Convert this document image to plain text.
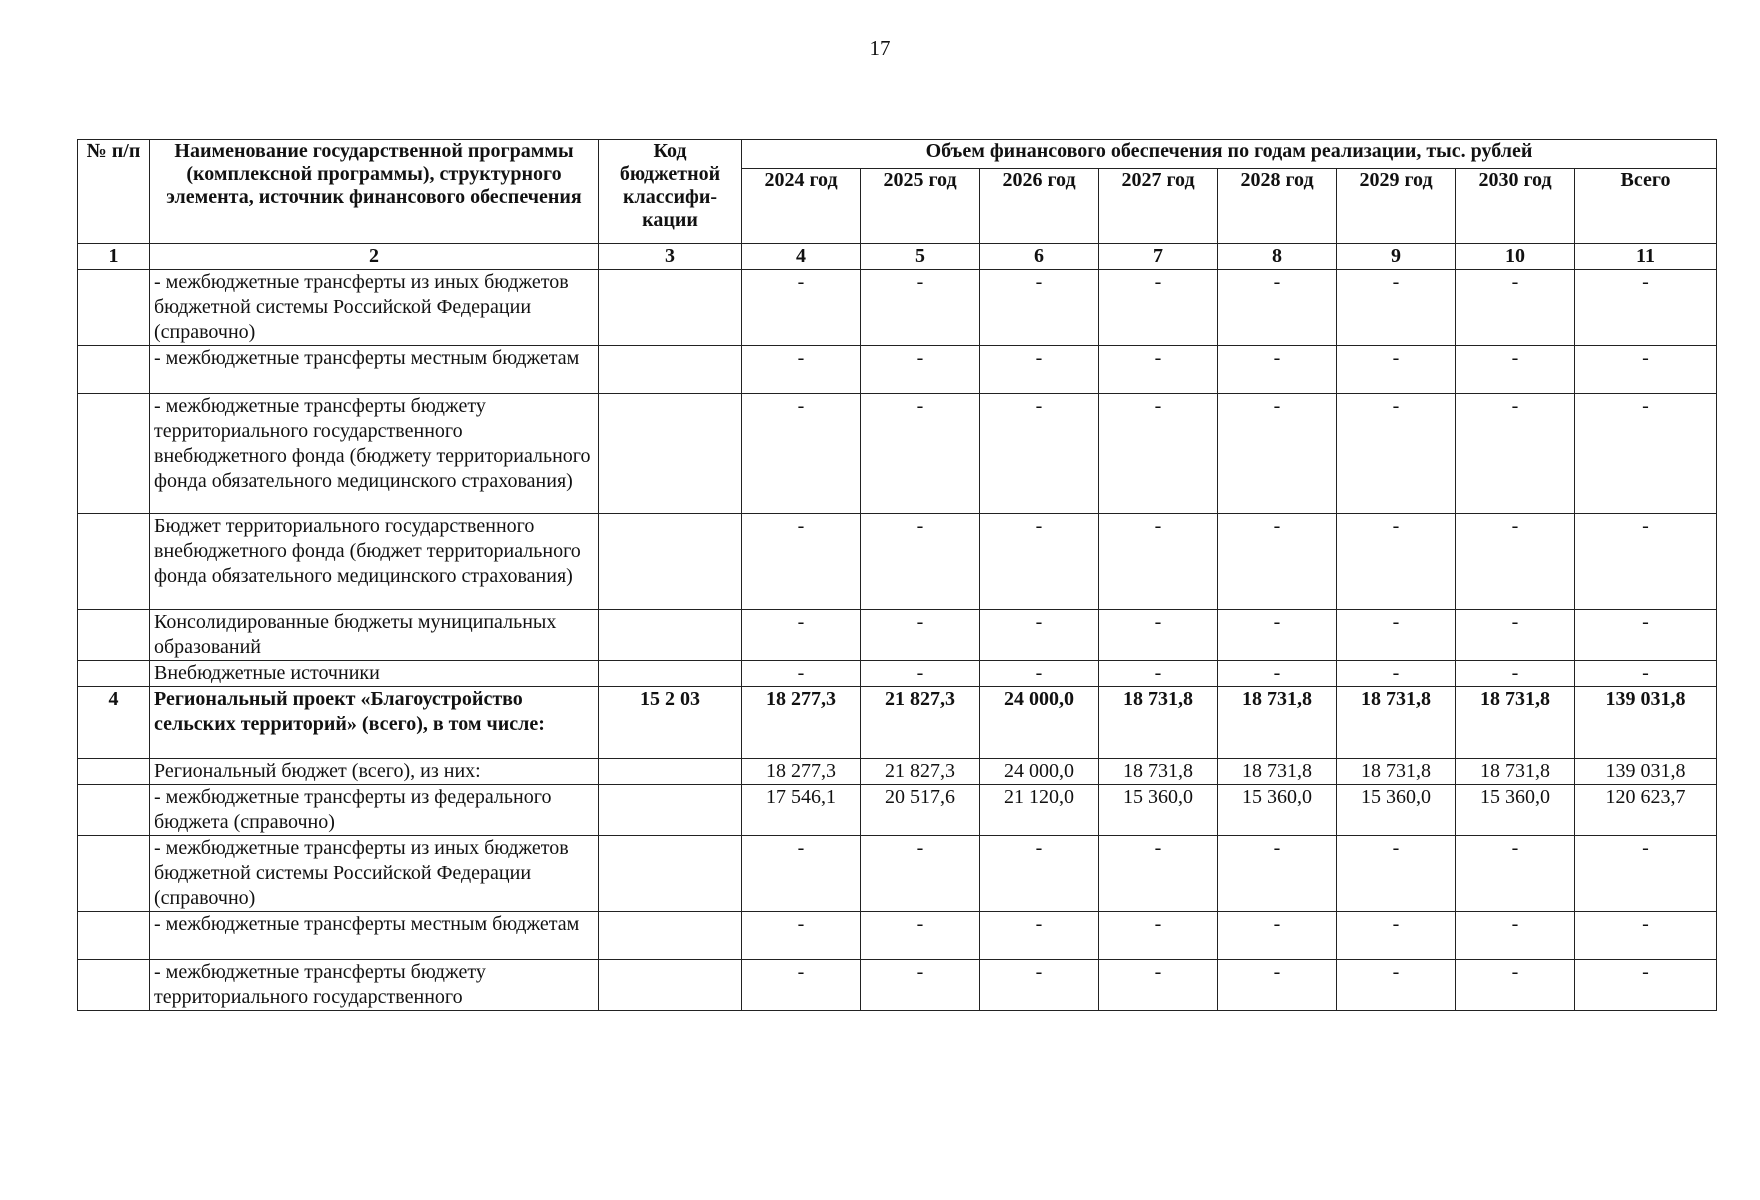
17
№ п/п	Наименование государственной программы (комплексной программы), структурного элемента, источник финансового обеспечения	Код бюджетной классифи-кации	Объем финансового обеспечения по годам реализации, тыс. рублей							
			2024 год	2025 год	2026 год	2027 год	2028 год	2029 год	2030 год	Всего
1	2	3	4	5	6	7	8	9	10	11
	- межбюджетные трансферты из иных бюджетов бюджетной системы Российской Федерации (справочно)		-	-	-	-	-	-	-	-
	- межбюджетные трансферты местным бюджетам		-	-	-	-	-	-	-	-
	- межбюджетные трансферты бюджету территориального государственного внебюджетного фонда (бюджету территориального фонда обязательного медицинского страхования)		-	-	-	-	-	-	-	-
	Бюджет территориального государственного внебюджетного фонда (бюджет территориального фонда обязательного медицинского страхования)		-	-	-	-	-	-	-	-
	Консолидированные бюджеты муниципальных образований		-	-	-	-	-	-	-	-
	Внебюджетные источники		-	-	-	-	-	-	-	-
4	Региональный проект «Благоустройство сельских территорий» (всего), в том числе:	15 2 03	18 277,3	21 827,3	24 000,0	18 731,8	18 731,8	18 731,8	18 731,8	139 031,8
	Региональный бюджет (всего), из них:		18 277,3	21 827,3	24 000,0	18 731,8	18 731,8	18 731,8	18 731,8	139 031,8
	- межбюджетные трансферты из федерального бюджета (справочно)		17 546,1	20 517,6	21 120,0	15 360,0	15 360,0	15 360,0	15 360,0	120 623,7
	- межбюджетные трансферты из иных бюджетов бюджетной системы Российской Федерации (справочно)		-	-	-	-	-	-	-	-
	- межбюджетные трансферты местным бюджетам		-	-	-	-	-	-	-	-
	- межбюджетные трансферты бюджету территориального государственного		-	-	-	-	-	-	-	-
